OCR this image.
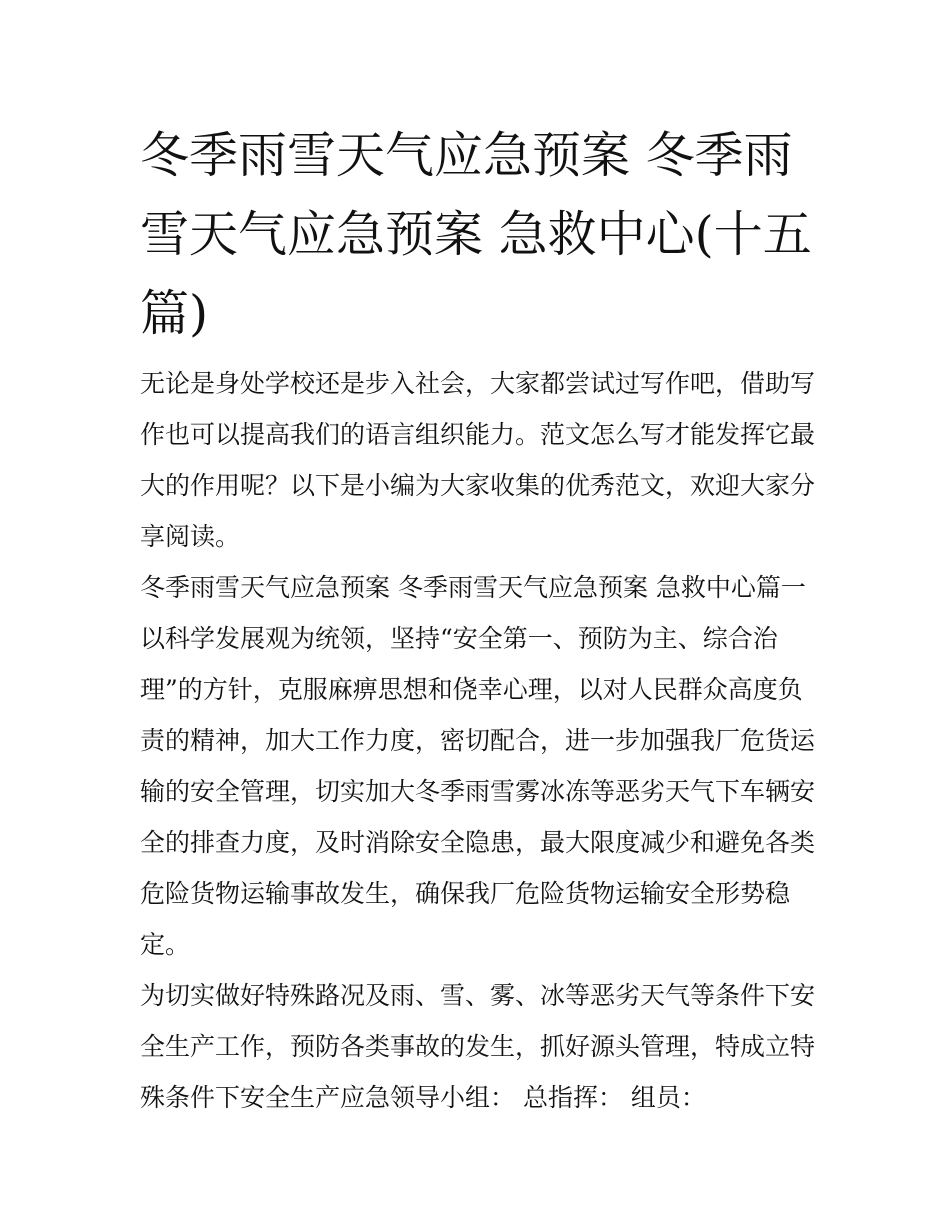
冬季雨雪天气应急预案 冬季雨雪天气应急预案 急救中心(十五篇)

无论是身处学校还是步入社会，大家都尝试过写作吧，借助写作也可以提高我们的语言组织能力。范文怎么写才能发挥它最大的作用呢？以下是小编为大家收集的优秀范文，欢迎大家分享阅读。

冬季雨雪天气应急预案 冬季雨雪天气应急预案 急救中心篇一

以科学发展观为统领，坚持“安全第一、预防为主、综合治理”的方针，克服麻痹思想和侥幸心理，以对人民群众高度负责的精神，加大工作力度，密切配合，进一步加强我厂危货运输的安全管理，切实加大冬季雨雪雾冰冻等恶劣天气下车辆安全的排查力度，及时消除安全隐患，最大限度减少和避免各类危险货物运输事故发生，确保我厂危险货物运输安全形势稳定。

为切实做好特殊路况及雨、雪、雾、冰等恶劣天气等条件下安全生产工作，预防各类事故的发生，抓好源头管理，特成立特殊条件下安全生产应急领导小组： 总指挥： 组员：
